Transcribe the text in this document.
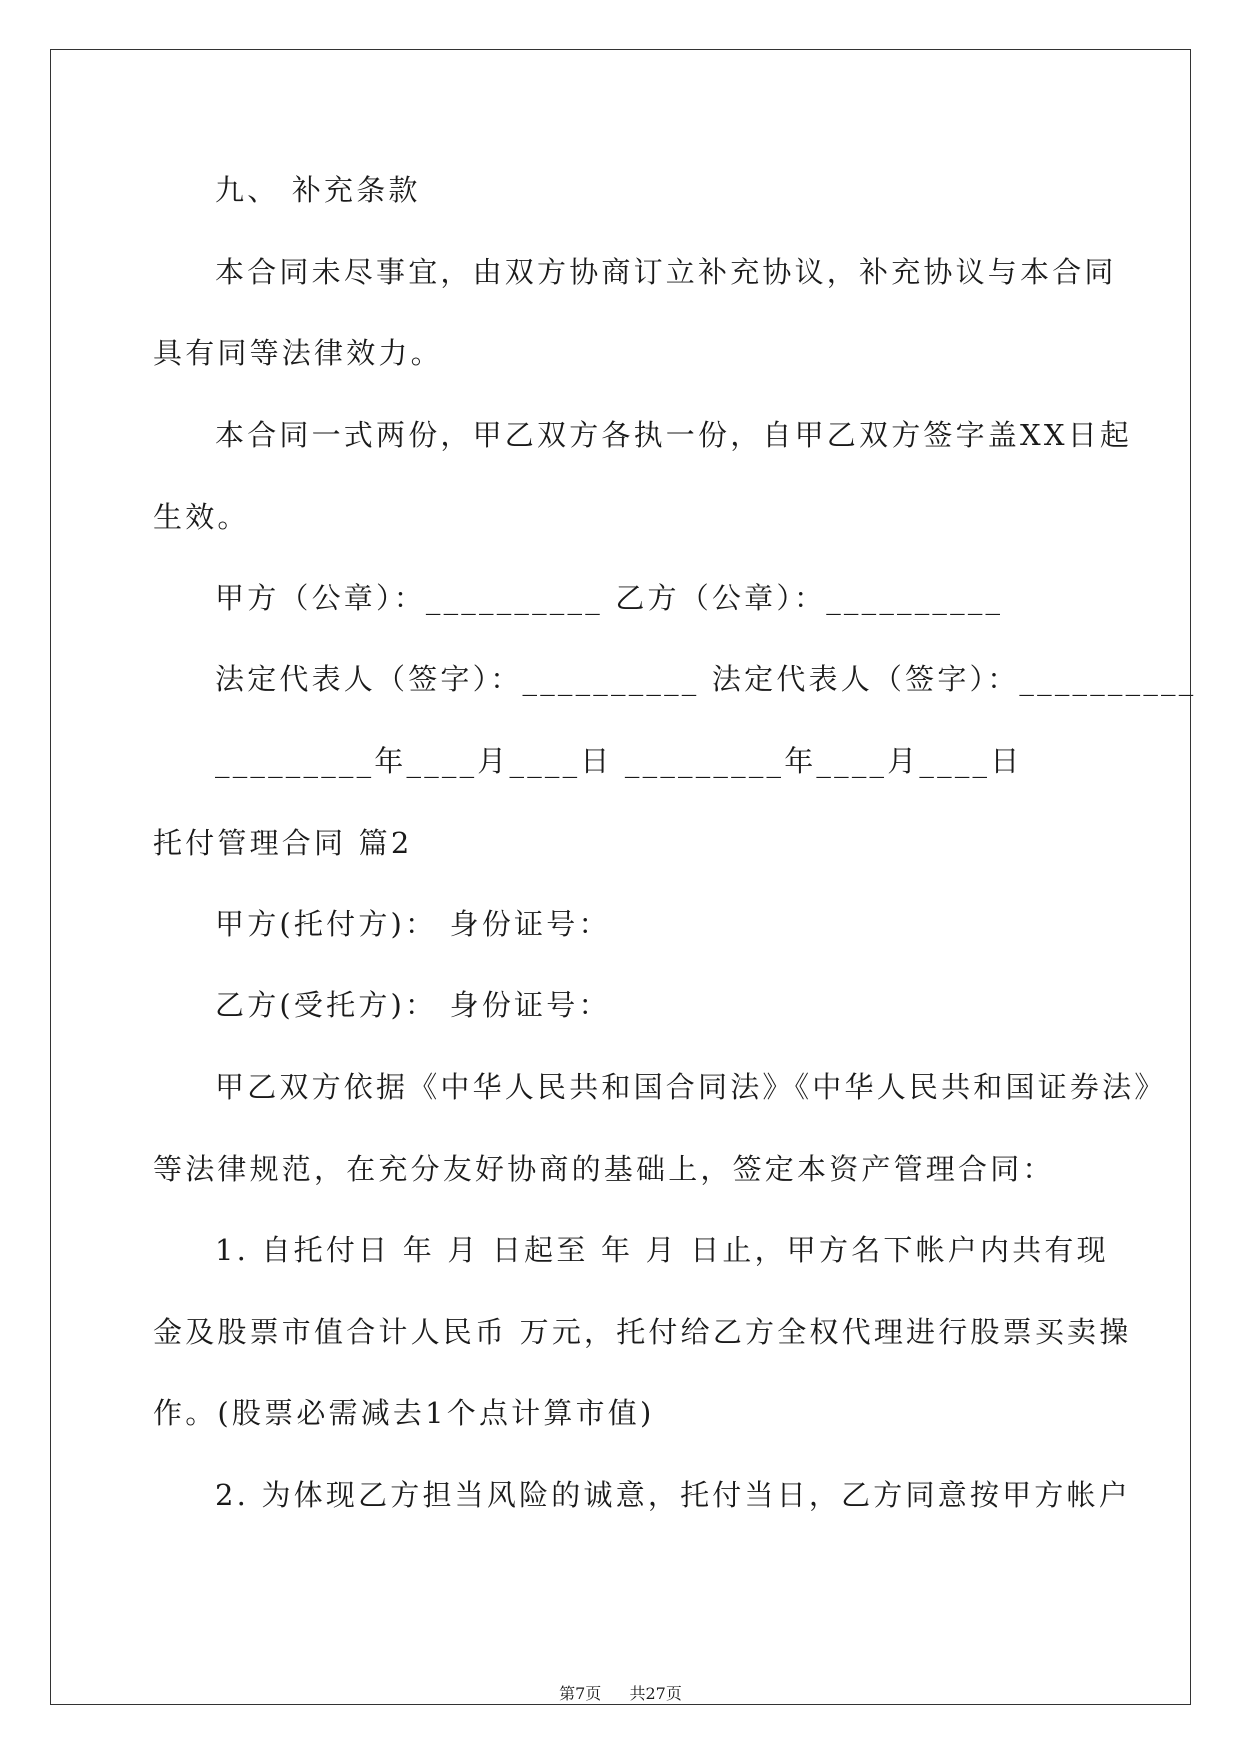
九、 补充条款
本合同未尽事宜，由双方协商订立补充协议，补充协议与本合同
具有同等法律效力。
本合同一式两份，甲乙双方各执一份，自甲乙双方签字盖XX日起
生效。
甲方（公章）：__________ 乙方（公章）：__________
法定代表人（签字）：__________ 法定代表人（签字）：__________
_________年____月____日 _________年____月____日
托付管理合同 篇2
甲方(托付方)： 身份证号：
乙方(受托方)： 身份证号：
甲乙双方依据《中华人民共和国合同法》《中华人民共和国证券法》
等法律规范，在充分友好协商的基础上，签定本资产管理合同：
1. 自托付日 年 月 日起至 年 月 日止，甲方名下帐户内共有现
金及股票市值合计人民币 万元，托付给乙方全权代理进行股票买卖操
作。(股票必需减去1个点计算市值)
2. 为体现乙方担当风险的诚意，托付当日，乙方同意按甲方帐户
第7页 共27页
